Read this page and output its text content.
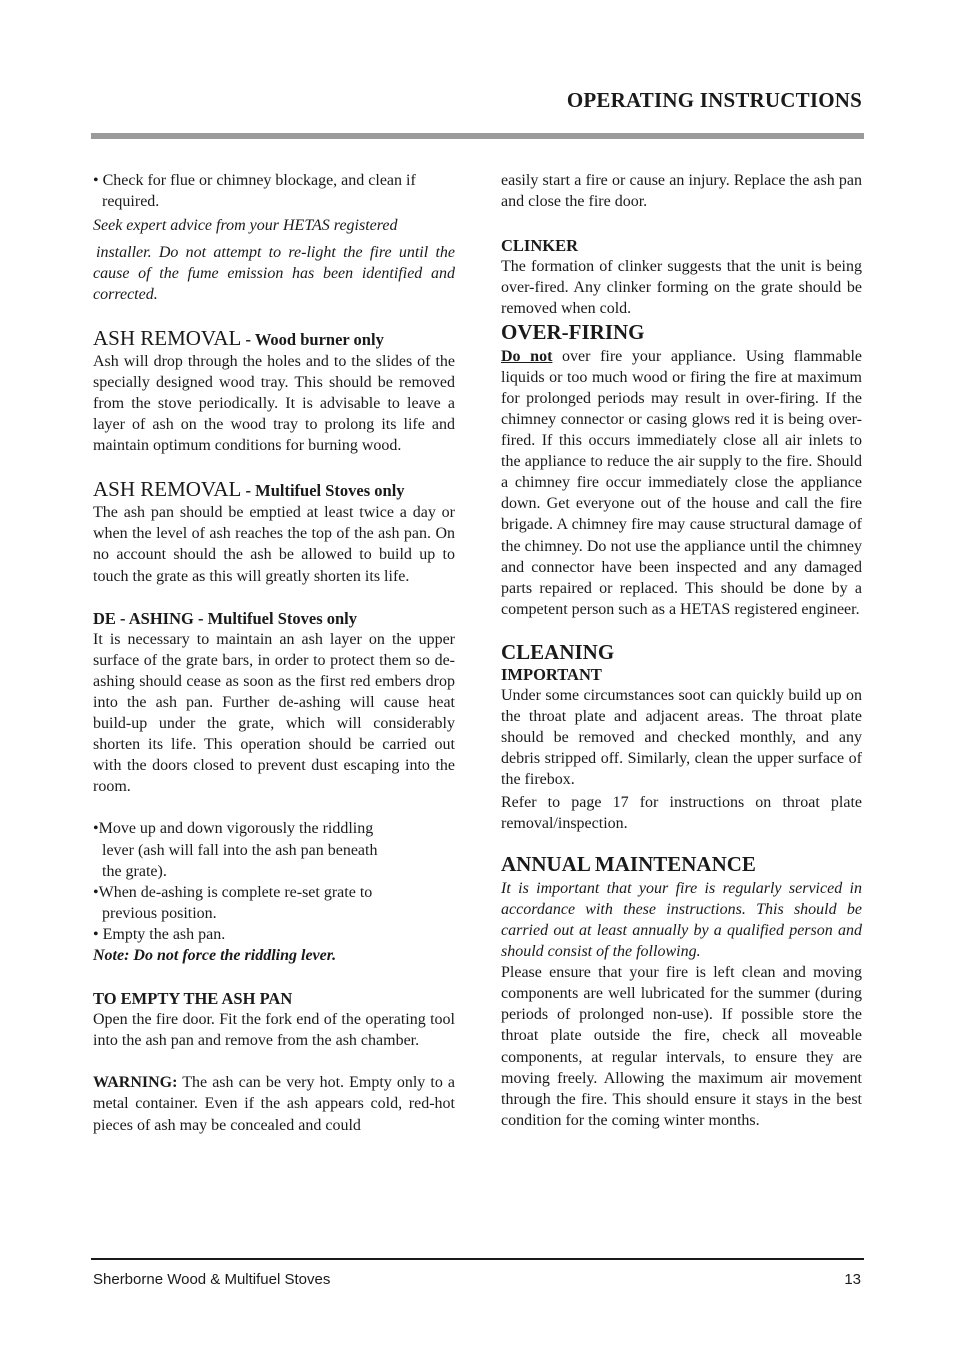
OPERATING INSTRUCTIONS

• Check for flue or chimney blockage, and clean if

required.

Seek expert advice from your HETAS registered

installer. Do not attempt to re-light the fire until the cause of the fume emission has been identified and corrected.

ASH REMOVAL - Wood burner only

Ash will drop through the holes and to the slides of the specially designed wood tray. This should be removed from the stove periodically. It is advisable to leave a layer of ash on the wood tray to prolong its life and maintain optimum conditions for burning wood.

ASH REMOVAL - Multifuel Stoves only

The ash pan should be emptied at least twice a day or when the level of ash reaches the top of the ash pan. On no account should the ash be allowed to build up to touch the grate as this will greatly shorten its life.

DE - ASHING - Multifuel Stoves only

It is necessary to maintain an ash layer on the upper surface of the grate bars, in order to protect them so de-ashing should cease as soon as the first red embers drop into the ash pan. Further de-ashing will cause heat build-up under the grate, which will considerably shorten its life. This operation should be carried out with the doors closed to prevent dust escaping into the room.

•Move up and down vigorously the riddling

lever (ash will fall into the ash pan beneath

the grate).

•When de-ashing is complete re-set grate to

previous position.

• Empty the ash pan.

Note: Do not force the riddling lever.

TO EMPTY THE ASH PAN

Open the fire door. Fit the fork end of the operating tool into the ash pan and remove from the ash chamber.

WARNING: The ash can be very hot. Empty only to a metal container. Even if the ash appears cold, red-hot pieces of ash may be concealed and could

easily start a fire or cause an injury. Replace the ash pan and close the fire door.

CLINKER

The formation of clinker suggests that the unit is being over-fired. Any clinker forming on the grate should be removed when cold.

OVER-FIRING

Do not over fire your appliance. Using flammable liquids or too much wood or firing the fire at maximum for prolonged periods may result in over-firing. If the chimney connector or casing glows red it is being over-fired. If this occurs immediately close all air inlets to the appliance to reduce the air supply to the fire. Should a chimney fire occur immediately close the appliance down. Get everyone out of the house and call the fire brigade. A chimney fire may cause structural damage of the chimney. Do not use the appliance until the chimney and connector have been inspected and any damaged parts repaired or replaced. This should be done by a competent person such as a HETAS registered engineer.

CLEANING

IMPORTANT

Under some circumstances soot can quickly build up on the throat plate and adjacent areas. The throat plate should be removed and checked monthly, and any debris stripped off. Similarly, clean the upper surface of the firebox.

Refer to page 17 for instructions on throat plate removal/inspection.

ANNUAL MAINTENANCE

It is important that your fire is regularly serviced in accordance with these instructions. This should be carried out at least annually by a qualified person and should consist of the following.

Please ensure that your fire is left clean and moving components are well lubricated for the summer (during periods of prolonged non-use). If possible store the throat plate outside the fire, check all moveable components, at regular intervals, to ensure they are moving freely. Allowing the maximum air movement through the fire. This should ensure it stays in the best condition for the coming winter months.

Sherborne Wood & Multifuel Stoves	13
